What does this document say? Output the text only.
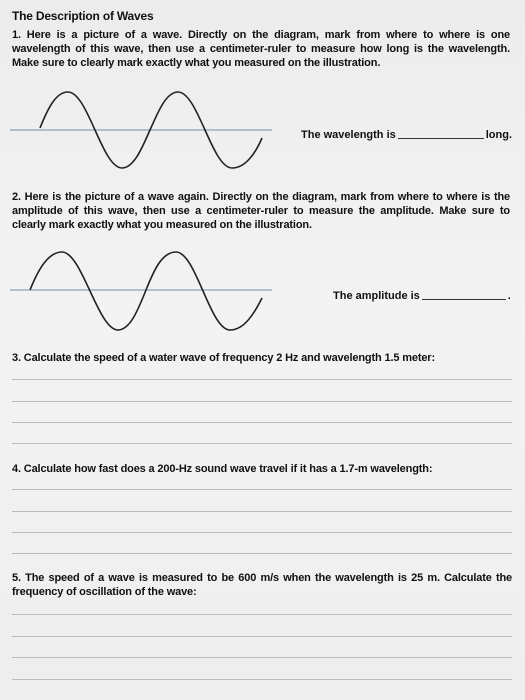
The Description of Waves
1. Here is a picture of a wave. Directly on the diagram, mark from where to where is one wavelength of this wave, then use a centimeter-ruler to measure how long is the wavelength. Make sure to clearly mark exactly what you measured on the illustration.
The wavelength is	long.
2. Here is the picture of a wave again. Directly on the diagram, mark from where to where is the amplitude of this wave, then use a centimeter-ruler to measure the amplitude. Make sure to clearly mark exactly what you measured on the illustration.
The amplitude is	.
3. Calculate the speed of a water wave of frequency 2 Hz and wavelength 1.5 meter:
4. Calculate how fast does a 200-Hz sound wave travel if it has a 1.7-m wavelength:
5. The speed of a wave is measured to be 600 m/s when the wavelength is 25 m. Calculate the frequency of oscillation of the wave:
